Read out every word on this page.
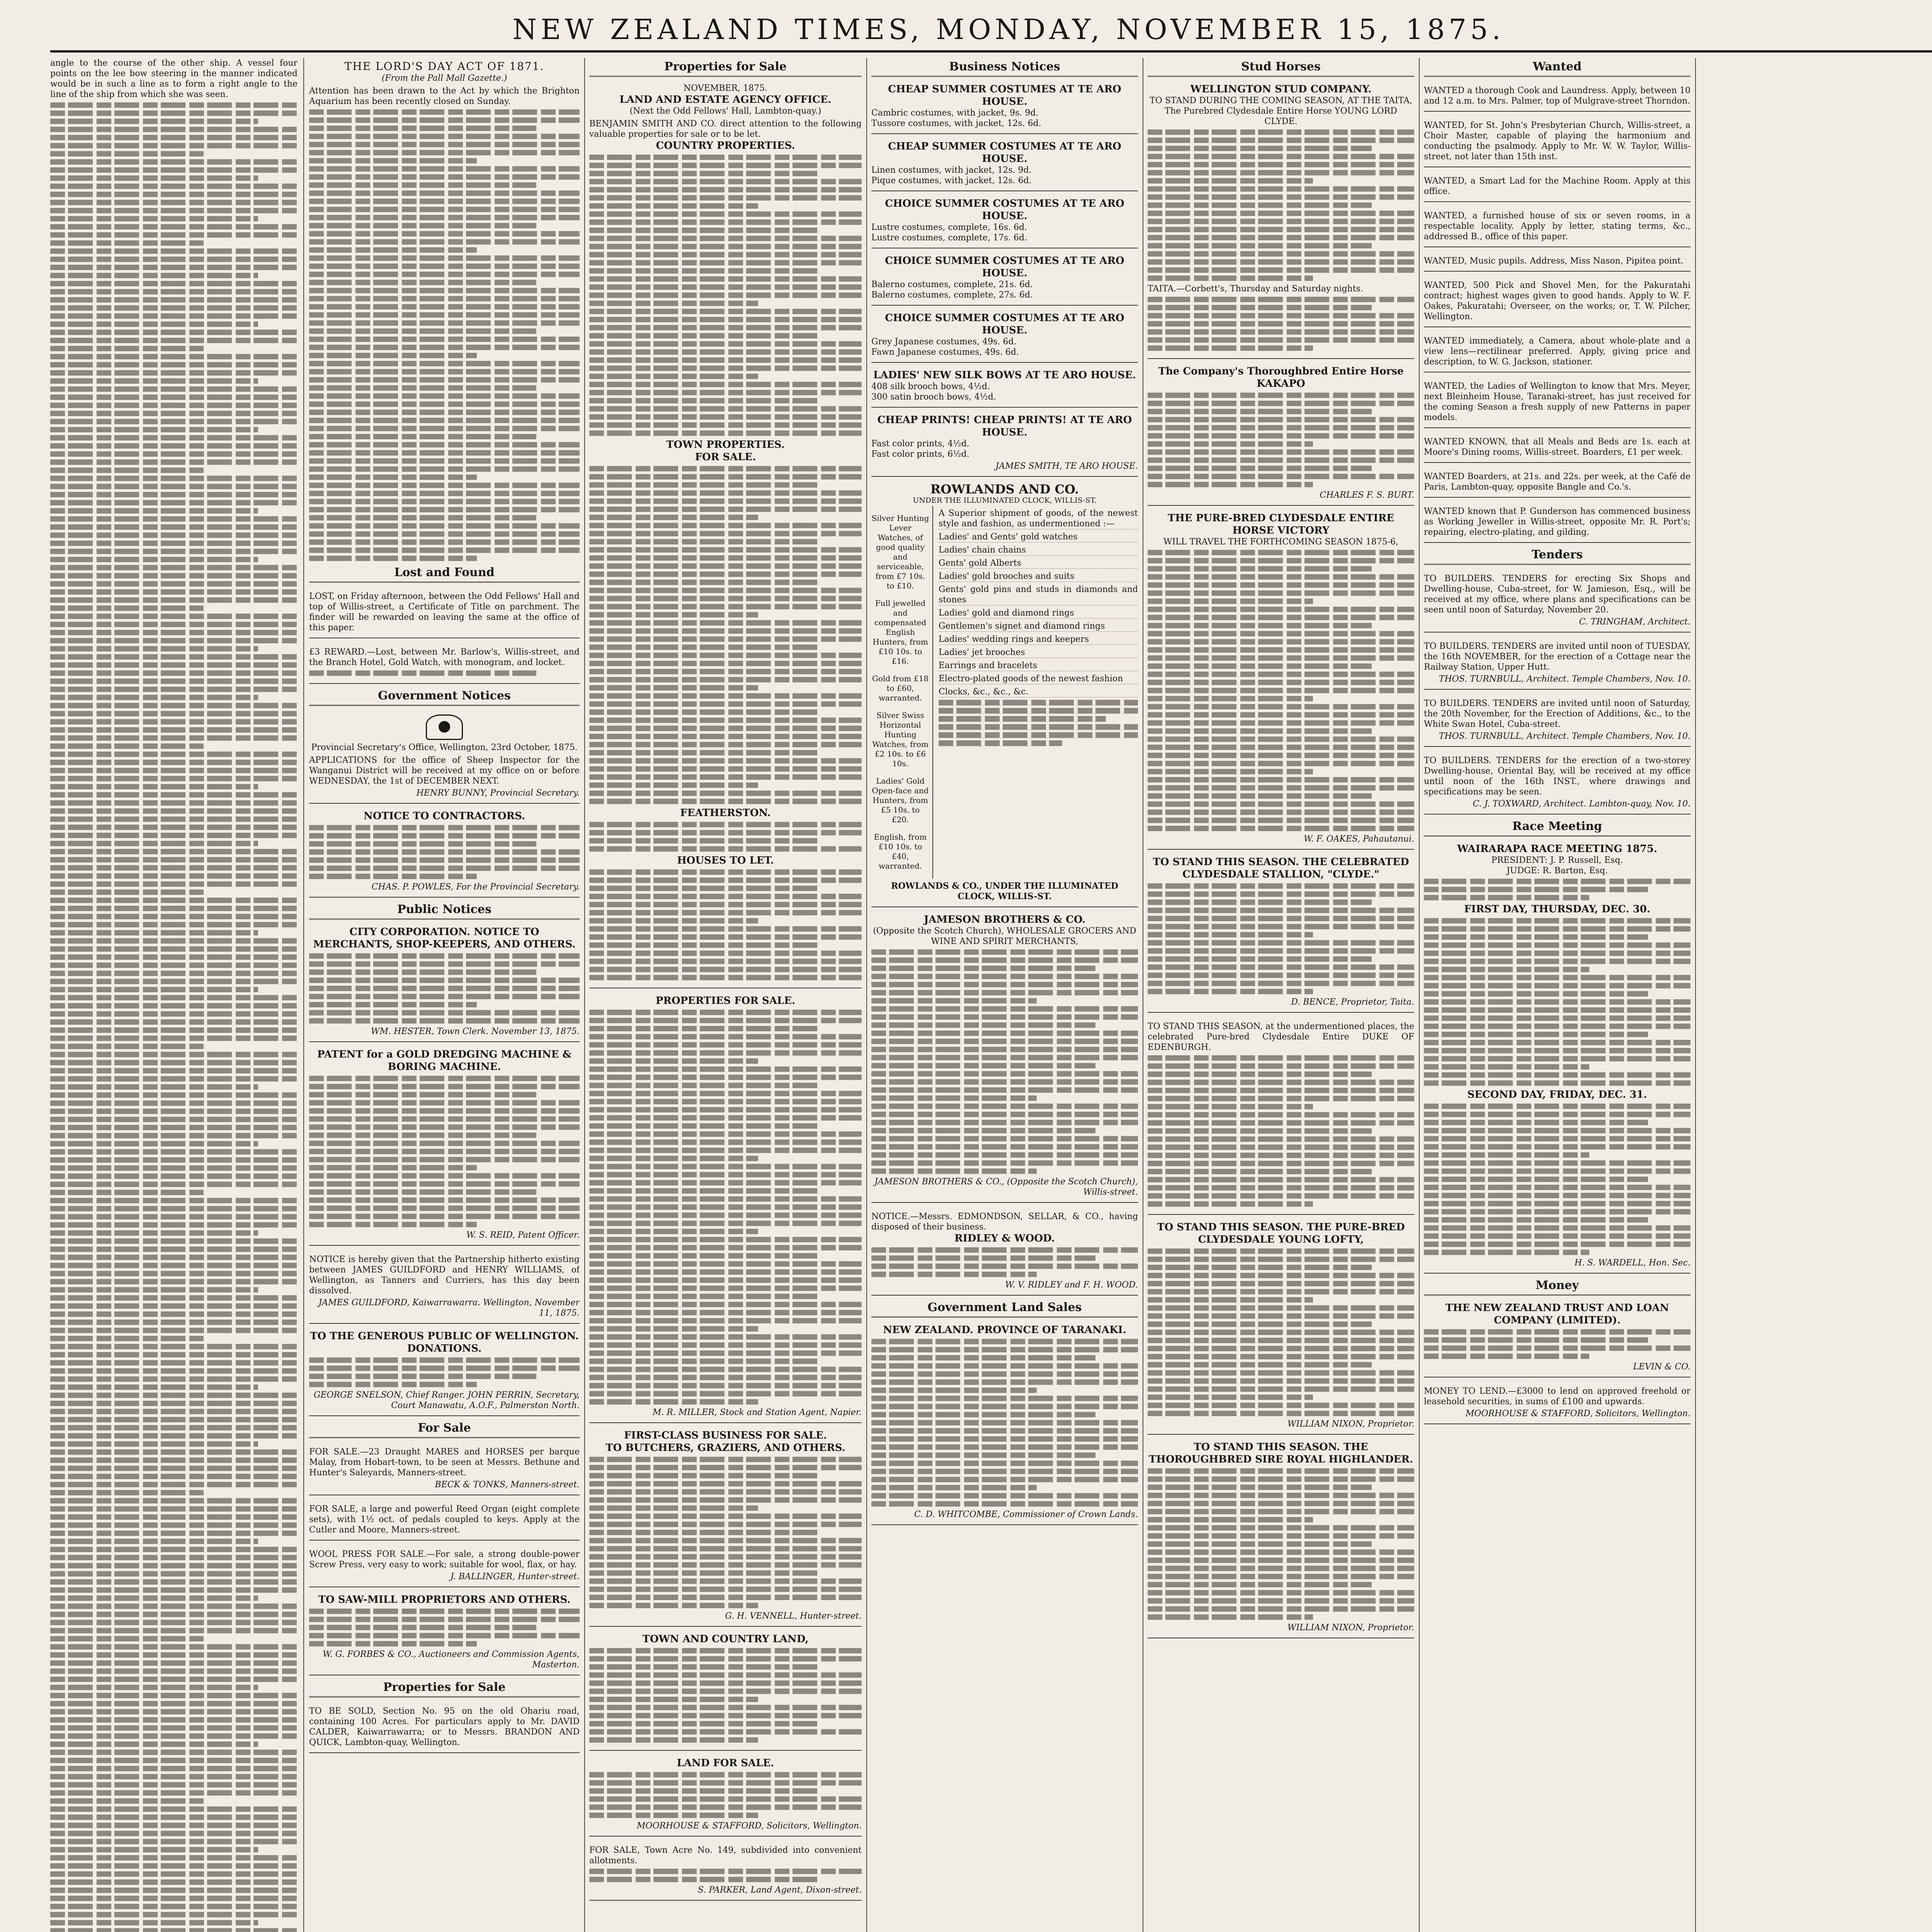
NEW ZEALAND TIMES, MONDAY, NOVEMBER 15, 1875.
angle to the course of the other ship. A vessel four points on the lee bow steering in the manner indicated would be in such a line as to form a right angle to the line of the ship from which she was seen.
THE LORD'S DAY ACT OF 1871.
(From the Pall Mall Gazette.)
Attention has been drawn to the Act by which the Brighton Aquarium has been recently closed on Sunday.
Lost and Found
LOST, on Friday afternoon, between the Odd Fellows' Hall and top of Willis-street, a Certificate of Title on parchment. The finder will be rewarded on leaving the same at the office of this paper.
£3 REWARD.—Lost, between Mr. Barlow's, Willis-street, and the Branch Hotel, Gold Watch, with monogram, and locket.
Government Notices
Provincial Secretary's Office, Wellington, 23rd October, 1875.
APPLICATIONS for the office of Sheep Inspector for the Wanganui District will be received at my office on or before WEDNESDAY, the 1st of DECEMBER NEXT.
HENRY BUNNY, Provincial Secretary.
NOTICE TO CONTRACTORS.
CHAS. P. POWLES, For the Provincial Secretary.
Public Notices
CITY CORPORATION. NOTICE TO MERCHANTS, SHOP-KEEPERS, AND OTHERS.
WM. HESTER, Town Clerk. November 13, 1875.
PATENT for a GOLD DREDGING MACHINE & BORING MACHINE.
W. S. REID, Patent Officer.
NOTICE is hereby given that the Partnership hitherto existing between JAMES GUILDFORD and HENRY WILLIAMS, of Wellington, as Tanners and Curriers, has this day been dissolved.
JAMES GUILDFORD, Kaiwarrawarra. Wellington, November 11, 1875.
TO THE GENEROUS PUBLIC OF WELLINGTON.
DONATIONS.
GEORGE SNELSON, Chief Ranger. JOHN PERRIN, Secretary, Court Manawatu, A.O.F., Palmerston North.
For Sale
FOR SALE.—23 Draught MARES and HORSES per barque Malay, from Hobart-town, to be seen at Messrs. Bethune and Hunter's Saleyards, Manners-street.
BECK & TONKS, Manners-street.
FOR SALE, a large and powerful Reed Organ (eight complete sets), with 1½ oct. of pedals coupled to keys. Apply at the Cutler and Moore, Manners-street.
WOOL PRESS FOR SALE.—For sale, a strong double-power Screw Press, very easy to work; suitable for wool, flax, or hay.
J. BALLINGER, Hunter-street.
TO SAW-MILL PROPRIETORS AND OTHERS.
W. G. FORBES & CO., Auctioneers and Commission Agents, Masterton.
Properties for Sale
TO BE SOLD, Section No. 95 on the old Ohariu road, containing 100 Acres. For particulars apply to Mr. DAVID CALDER, Kaiwarrawarra; or to Messrs. BRANDON AND QUICK, Lambton-quay, Wellington.
Properties for Sale
NOVEMBER, 1875.
LAND AND ESTATE AGENCY OFFICE.
(Next the Odd Fellows' Hall, Lambton-quay.)
BENJAMIN SMITH AND CO. direct attention to the following valuable properties for sale or to be let.
COUNTRY PROPERTIES.
TOWN PROPERTIES.
FOR SALE.
FEATHERSTON.
HOUSES TO LET.
PROPERTIES FOR SALE.
M. R. MILLER, Stock and Station Agent, Napier.
FIRST-CLASS BUSINESS FOR SALE.
TO BUTCHERS, GRAZIERS, AND OTHERS.
G. H. VENNELL, Hunter-street.
TOWN AND COUNTRY LAND,
LAND FOR SALE.
MOORHOUSE & STAFFORD, Solicitors, Wellington.
FOR SALE, Town Acre No. 149, subdivided into convenient allotments.
S. PARKER, Land Agent, Dixon-street.
Business Notices
CHEAP SUMMER COSTUMES AT TE ARO HOUSE.
Cambric costumes, with jacket, 9s. 9d.
Tussore costumes, with jacket, 12s. 6d.
CHEAP SUMMER COSTUMES AT TE ARO HOUSE.
Linen costumes, with jacket, 12s. 9d.
Pique costumes, with jacket, 12s. 6d.
CHOICE SUMMER COSTUMES AT TE ARO HOUSE.
Lustre costumes, complete, 16s. 6d.
Lustre costumes, complete, 17s. 6d.
CHOICE SUMMER COSTUMES AT TE ARO HOUSE.
Balerno costumes, complete, 21s. 6d.
Balerno costumes, complete, 27s. 6d.
CHOICE SUMMER COSTUMES AT TE ARO HOUSE.
Grey Japanese costumes, 49s. 6d.
Fawn Japanese costumes, 49s. 6d.
LADIES' NEW SILK BOWS AT TE ARO HOUSE.
408 silk brooch bows, 4½d.
300 satin brooch bows, 4½d.
CHEAP PRINTS! CHEAP PRINTS! AT TE ARO HOUSE.
Fast color prints, 4½d.
Fast color prints, 6½d.
JAMES SMITH, TE ARO HOUSE.
ROWLANDS AND CO.
UNDER THE ILLUMINATED CLOCK, WILLIS-ST.

Silver Hunting Lever Watches, of good quality and serviceable, from £7 10s. to £10.

Full jewelled and compensated English Hunters, from £10 10s. to £16.

Gold from £18 to £60, warranted.

Silver Swiss Horizontal Hunting Watches, from £2 10s. to £6 10s.

Ladies' Gold Open-face and Hunters, from £5 10s. to £20.

English, from £10 10s. to £40, warranted.

A Superior shipment of goods, of the newest style and fashion, as undermentioned :—
Ladies' and Gents' gold watches
Ladies' chain chains
Gents' gold Alberts
Ladies' gold brooches and suits
Gents' gold pins and studs in diamonds and stones
Ladies' gold and diamond rings
Gentlemen's signet and diamond rings
Ladies' wedding rings and keepers
Ladies' jet brooches
Earrings and bracelets
Electro-plated goods of the newest fashion
Clocks, &c., &c., &c.
ROWLANDS & CO., UNDER THE ILLUMINATED CLOCK, WILLIS-ST.
JAMESON BROTHERS & CO.
(Opposite the Scotch Church), WHOLESALE GROCERS AND WINE AND SPIRIT MERCHANTS,
JAMESON BROTHERS & CO., (Opposite the Scotch Church), Willis-street.
NOTICE.—Messrs. EDMONDSON, SELLAR, & CO., having disposed of their business.
RIDLEY & WOOD.
W. V. RIDLEY and F. H. WOOD.
Government Land Sales
NEW ZEALAND. PROVINCE OF TARANAKI.
C. D. WHITCOMBE, Commissioner of Crown Lands.
Stud Horses
WELLINGTON STUD COMPANY.
TO STAND DURING THE COMING SEASON, AT THE TAITA,
The Purebred Clydesdale Entire Horse YOUNG LORD CLYDE.
TAITA.—Corbett's, Thursday and Saturday nights.
The Company's Thoroughbred Entire Horse KAKAPO
CHARLES F. S. BURT.
THE PURE-BRED CLYDESDALE ENTIRE HORSE VICTORY
WILL TRAVEL THE FORTHCOMING SEASON 1875-6,
W. F. OAKES, Pahautanui.
TO STAND THIS SEASON. THE CELEBRATED CLYDESDALE STALLION, "CLYDE."
D. BENCE, Proprietor, Taita.
TO STAND THIS SEASON, at the undermentioned places, the celebrated Pure-bred Clydesdale Entire DUKE OF EDENBURGH.
TO STAND THIS SEASON. THE PURE-BRED CLYDESDALE YOUNG LOFTY,
WILLIAM NIXON, Proprietor.
TO STAND THIS SEASON. THE THOROUGHBRED SIRE ROYAL HIGHLANDER.
WILLIAM NIXON, Proprietor.
Wanted
WANTED a thorough Cook and Laundress. Apply, between 10 and 12 a.m. to Mrs. Palmer, top of Mulgrave-street Thorndon.
WANTED, for St. John's Presbyterian Church, Willis-street, a Choir Master, capable of playing the harmonium and conducting the psalmody. Apply to Mr. W. W. Taylor, Willis-street, not later than 15th inst.
WANTED, a Smart Lad for the Machine Room. Apply at this office.
WANTED, a furnished house of six or seven rooms, in a respectable locality. Apply by letter, stating terms, &c., addressed B., office of this paper.
WANTED, Music pupils. Address, Miss Nason, Pipitea point.
WANTED, 500 Pick and Shovel Men, for the Pakuratahi contract; highest wages given to good hands. Apply to W. F. Oakes, Pakuratahi; Overseer, on the works; or, T. W. Pilcher, Wellington.
WANTED immediately, a Camera, about whole-plate and a view lens—rectilinear preferred. Apply, giving price and description, to W. G. Jackson, stationer.
WANTED, the Ladies of Wellington to know that Mrs. Meyer, next Bleinheim House, Taranaki-street, has just received for the coming Season a fresh supply of new Patterns in paper models.
WANTED KNOWN, that all Meals and Beds are 1s. each at Moore's Dining rooms, Willis-street. Boarders, £1 per week.
WANTED Boarders, at 21s. and 22s. per week, at the Café de Paris, Lambton-quay, opposite Bangle and Co.'s.
WANTED known that P. Gunderson has commenced business as Working Jeweller in Willis-street, opposite Mr. R. Port's; repairing, electro-plating, and gilding.
Tenders
TO BUILDERS. TENDERS for erecting Six Shops and Dwelling-house, Cuba-street, for W. Jamieson, Esq., will be received at my office, where plans and specifications can be seen until noon of Saturday, November 20.
C. TRINGHAM, Architect.
TO BUILDERS. TENDERS are invited until noon of TUESDAY, the 16th NOVEMBER, for the erection of a Cottage near the Railway Station, Upper Hutt.
THOS. TURNBULL, Architect. Temple Chambers, Nov. 10.
TO BUILDERS. TENDERS are invited until noon of Saturday, the 20th November, for the Erection of Additions, &c., to the White Swan Hotel, Cuba-street.
THOS. TURNBULL, Architect. Temple Chambers, Nov. 10.
TO BUILDERS. TENDERS for the erection of a two-storey Dwelling-house, Oriental Bay, will be received at my office until noon of the 16th INST., where drawings and specifications may be seen.
C. J. TOXWARD, Architect. Lambton-quay, Nov. 10.
Race Meeting
WAIRARAPA RACE MEETING 1875.
PRESIDENT: J. P. Russell, Esq.
JUDGE: R. Barton, Esq.
FIRST DAY, THURSDAY, DEC. 30.
SECOND DAY, FRIDAY, DEC. 31.
H. S. WARDELL, Hon. Sec.
Money
THE NEW ZEALAND TRUST AND LOAN COMPANY (LIMITED).
LEVIN & CO.
MONEY TO LEND.—£3000 to lend on approved freehold or leasehold securities, in sums of £100 and upwards.
MOORHOUSE & STAFFORD, Solicitors, Wellington.
